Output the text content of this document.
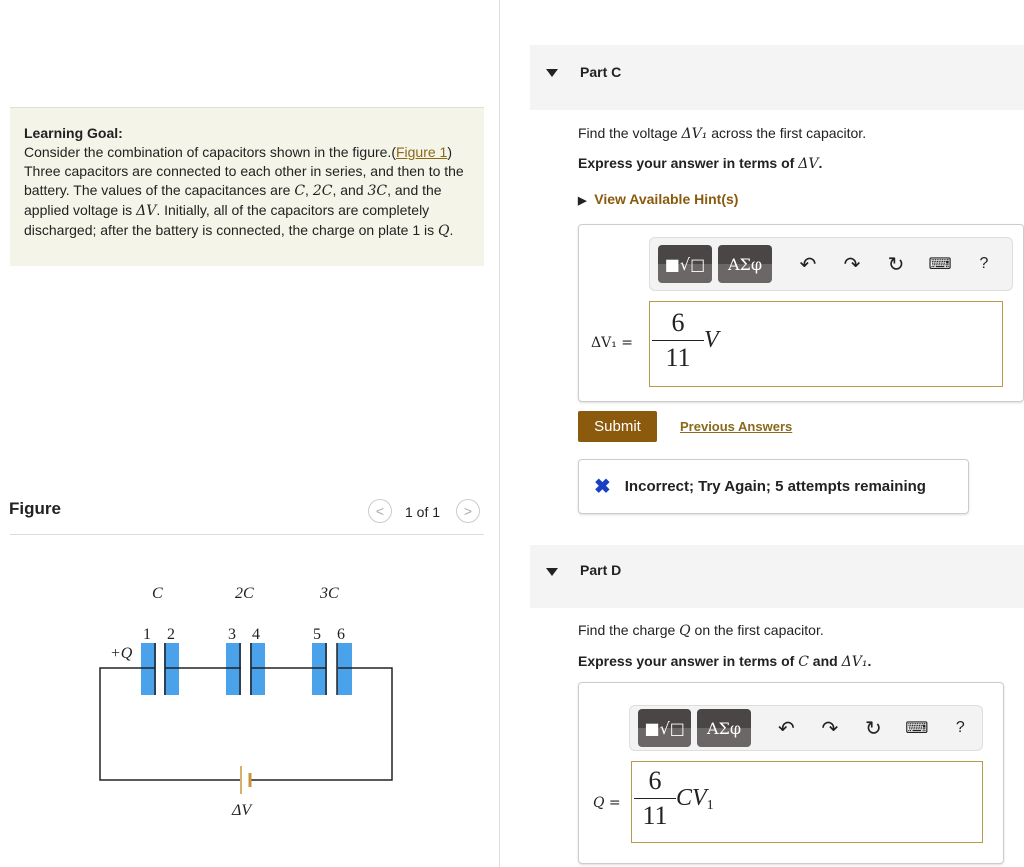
Learning Goal:
Consider the combination of capacitors shown in the figure.(Figure 1) Three capacitors are connected to each other in series, and then to the battery. The values of the capacitances are C, 2C, and 3C, and the applied voltage is ΔV. Initially, all of the capacitors are completely discharged; after the battery is connected, the charge on plate 1 is Q.
Figure	<	1 of 1	>
C	2C	3C
1 2	3 4	5 6
+Q
ΔV
Part C
Find the voltage ΔV₁ across the first capacitor.
Express your answer in terms of ΔV.
▶ View Available Hint(s)
■√□	ΑΣφ	↶	↷	↻	⌨	?
$\Delta V_1 = \frac{6}{11}$ V
Submit	Previous Answers
✖ Incorrect; Try Again; 5 attempts remaining
Part D
Find the charge Q on the first capacitor.
Express your answer in terms of C and ΔV₁.
■√□	ΑΣφ	↶	↷	↻	⌨	?
$Q = \frac{6}{11}$ CV 1
